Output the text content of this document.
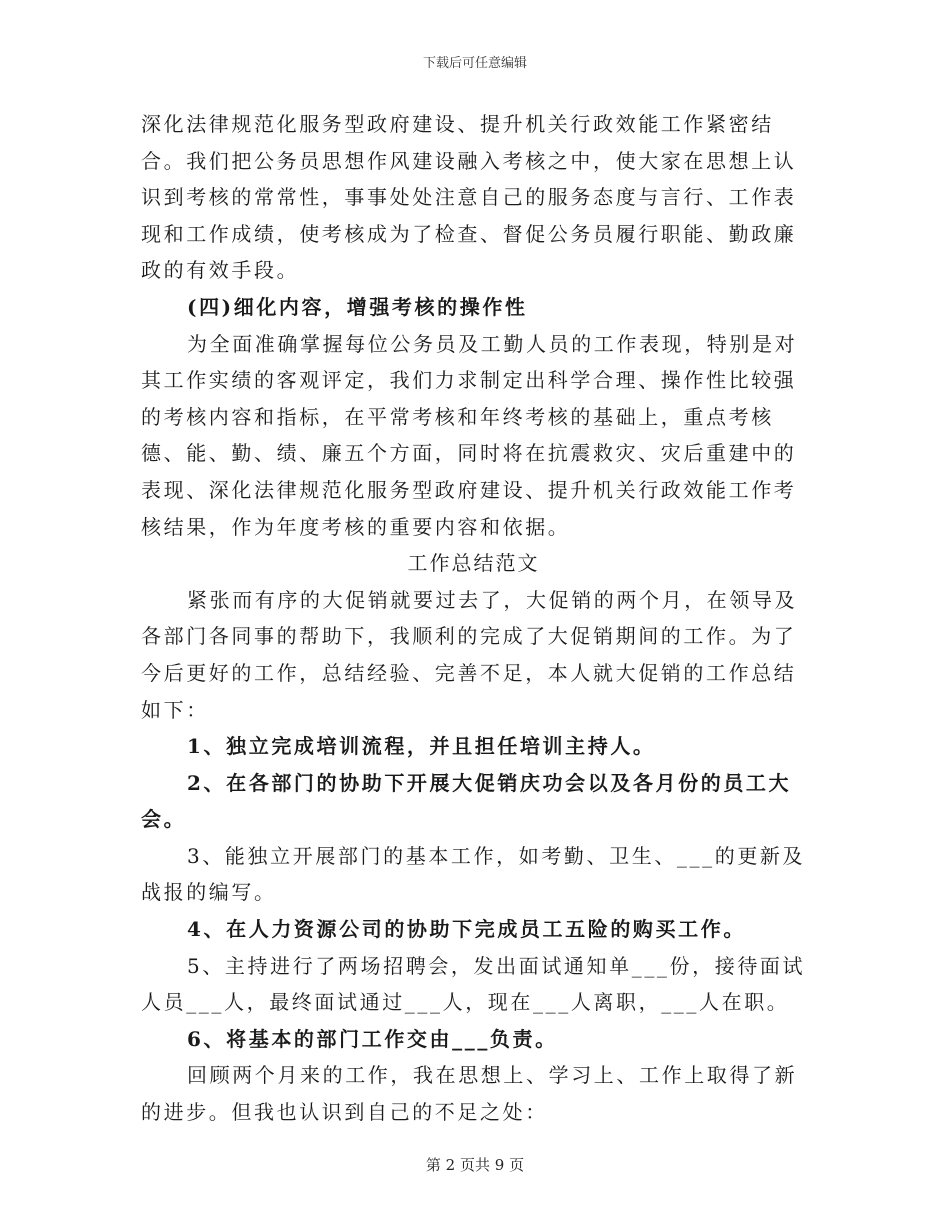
下载后可任意编辑

深化法律规范化服务型政府建设、提升机关行政效能工作紧密结合。我们把公务员思想作风建设融入考核之中，使大家在思想上认识到考核的常常性，事事处处注意自己的服务态度与言行、工作表现和工作成绩，使考核成为了检查、督促公务员履行职能、勤政廉政的有效手段。

(四)细化内容，增强考核的操作性

为全面准确掌握每位公务员及工勤人员的工作表现，特别是对其工作实绩的客观评定，我们力求制定出科学合理、操作性比较强的考核内容和指标，在平常考核和年终考核的基础上，重点考核德、能、勤、绩、廉五个方面，同时将在抗震救灾、灾后重建中的表现、深化法律规范化服务型政府建设、提升机关行政效能工作考核结果，作为年度考核的重要内容和依据。

工作总结范文

紧张而有序的大促销就要过去了，大促销的两个月，在领导及各部门各同事的帮助下，我顺利的完成了大促销期间的工作。为了今后更好的工作，总结经验、完善不足，本人就大促销的工作总结如下：

1、独立完成培训流程，并且担任培训主持人。

2、在各部门的协助下开展大促销庆功会以及各月份的员工大会。

3、能独立开展部门的基本工作，如考勤、卫生、___的更新及战报的编写。

4、在人力资源公司的协助下完成员工五险的购买工作。

5、主持进行了两场招聘会，发出面试通知单___份，接待面试人员___人，最终面试通过___人，现在___人离职，___人在职。

6、将基本的部门工作交由___负责。

回顾两个月来的工作，我在思想上、学习上、工作上取得了新的进步。但我也认识到自己的不足之处：

第 2 页共 9 页
